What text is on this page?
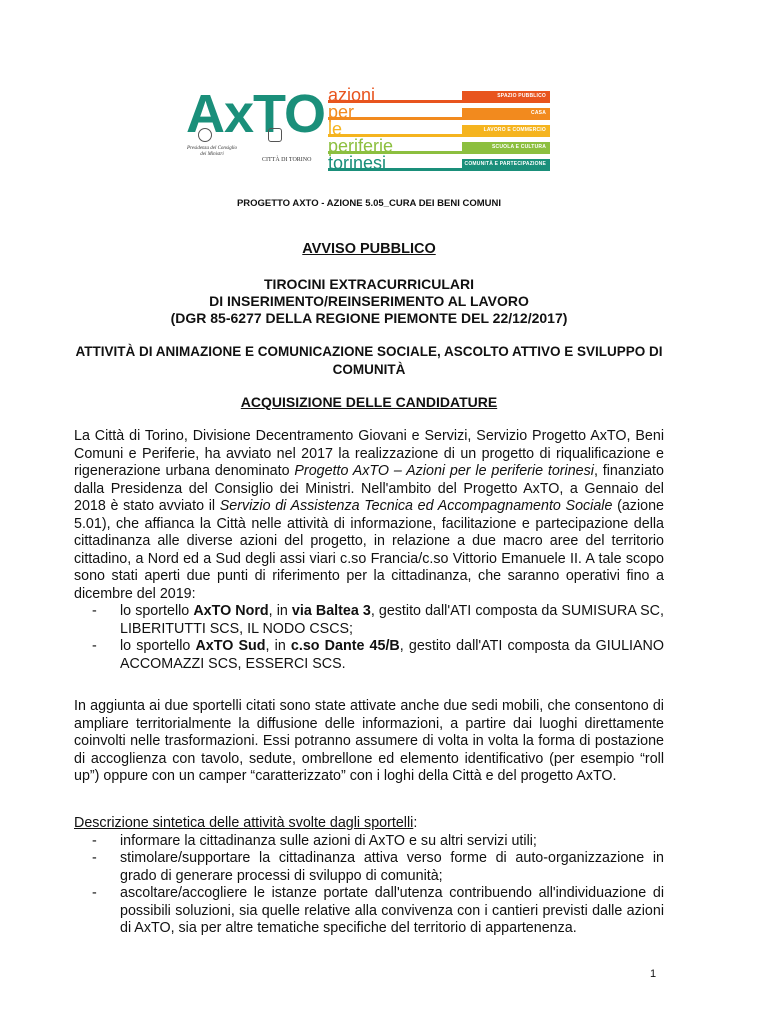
AxTO azioni	SPAZIO PUBBLICO
per	CASA
le	LAVORO E COMMERCIO
periferie	SCUOLA E CULTURA
torinesi	COMUNITÀ E PARTECIPAZIONE
Presidenza del Consiglio dei Ministri
CITTÀ DI TORINO
PROGETTO AXTO - AZIONE 5.05_CURA DEI BENI COMUNI
AVVISO PUBBLICO
TIROCINI EXTRACURRICULARI
DI INSERIMENTO/REINSERIMENTO AL LAVORO
(DGR 85-6277 DELLA REGIONE PIEMONTE DEL 22/12/2017)
ATTIVITÀ DI ANIMAZIONE E COMUNICAZIONE SOCIALE, ASCOLTO ATTIVO E SVILUPPO DI COMUNITÀ
ACQUISIZIONE DELLE CANDIDATURE

La Città di Torino, Divisione Decentramento Giovani e Servizi, Servizio Progetto AxTO, Beni Comuni e Periferie, ha avviato nel 2017 la realizzazione di un progetto di riqualificazione e rigenerazione urbana denominato Progetto AxTO – Azioni per le periferie torinesi, finanziato dalla Presidenza del Consiglio dei Ministri. Nell'ambito del Progetto AxTO, a Gennaio del 2018 è stato avviato il Servizio di Assistenza Tecnica ed Accompagnamento Sociale (azione 5.01), che affianca la Città nelle attività di informazione, facilitazione e partecipazione della cittadinanza alle diverse azioni del progetto, in relazione a due macro aree del territorio cittadino, a Nord ed a Sud degli assi viari c.so Francia/c.so Vittorio Emanuele II. A tale scopo sono stati aperti due punti di riferimento per la cittadinanza, che saranno operativi fino a dicembre del 2019:

- lo sportello AxTO Nord, in via Baltea 3, gestito dall'ATI composta da SUMISURA SC, LIBERITUTTI SCS, IL NODO CSCS;
- lo sportello AxTO Sud, in c.so Dante 45/B, gestito dall'ATI composta da GIULIANO ACCOMAZZI SCS, ESSERCI SCS.
In aggiunta ai due sportelli citati sono state attivate anche due sedi mobili, che consentono di ampliare territorialmente la diffusione delle informazioni, a partire dai luoghi direttamente coinvolti nelle trasformazioni. Essi potranno assumere di volta in volta la forma di postazione di accoglienza con tavolo, sedute, ombrellone ed elemento identificativo (per esempio “roll up”) oppure con un camper “caratterizzato” con i loghi della Città e del progetto AxTO.

Descrizione sintetica delle attività svolte dagli sportelli:

- informare la cittadinanza sulle azioni di AxTO e su altri servizi utili;
- stimolare/supportare la cittadinanza attiva verso forme di auto-organizzazione in grado di generare processi di sviluppo di comunità;
- ascoltare/accogliere le istanze portate dall'utenza contribuendo all'individuazione di possibili soluzioni, sia quelle relative alla convivenza con i cantieri previsti dalle azioni di AxTO, sia per altre tematiche specifiche del territorio di appartenenza.
1
